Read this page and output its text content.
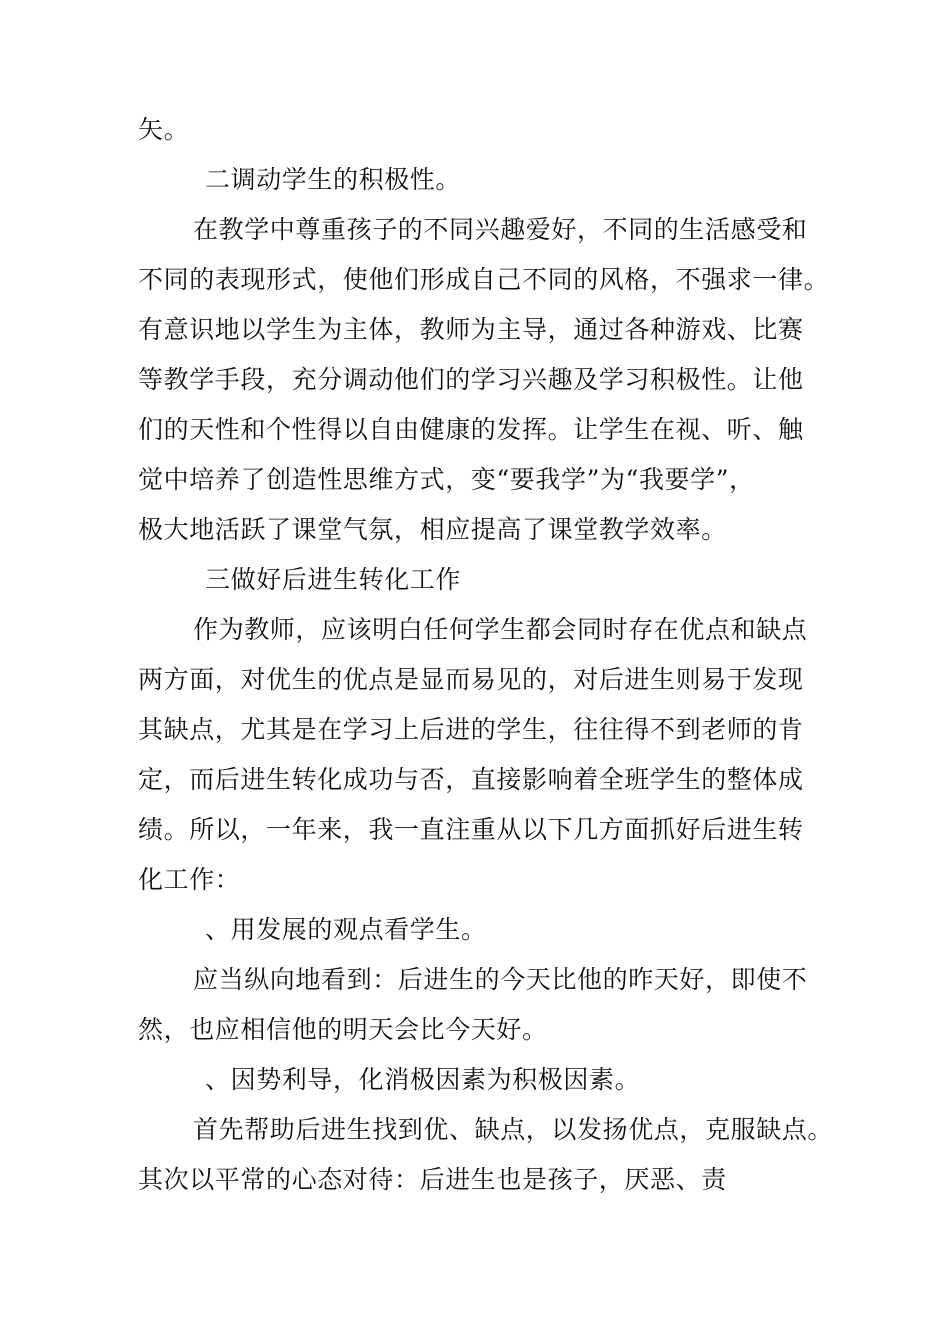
矢。
二调动学生的积极性。
在教学中尊重孩子的不同兴趣爱好，不同的生活感受和
不同的表现形式，使他们形成自己不同的风格，不强求一律。
有意识地以学生为主体，教师为主导，通过各种游戏、比赛
等教学手段，充分调动他们的学习兴趣及学习积极性。让他
们的天性和个性得以自由健康的发挥。让学生在视、听、触
觉中培养了创造性思维方式，变“要我学”为“我要学”，
极大地活跃了课堂气氛，相应提高了课堂教学效率。
三做好后进生转化工作
作为教师，应该明白任何学生都会同时存在优点和缺点
两方面，对优生的优点是显而易见的，对后进生则易于发现
其缺点，尤其是在学习上后进的学生，往往得不到老师的肯
定，而后进生转化成功与否，直接影响着全班学生的整体成
绩。所以，一年来，我一直注重从以下几方面抓好后进生转
化工作：
、用发展的观点看学生。
应当纵向地看到：后进生的今天比他的昨天好，即使不
然，也应相信他的明天会比今天好。
、因势利导，化消极因素为积极因素。
首先帮助后进生找到优、缺点，以发扬优点，克服缺点。
其次以平常的心态对待：后进生也是孩子，厌恶、责
